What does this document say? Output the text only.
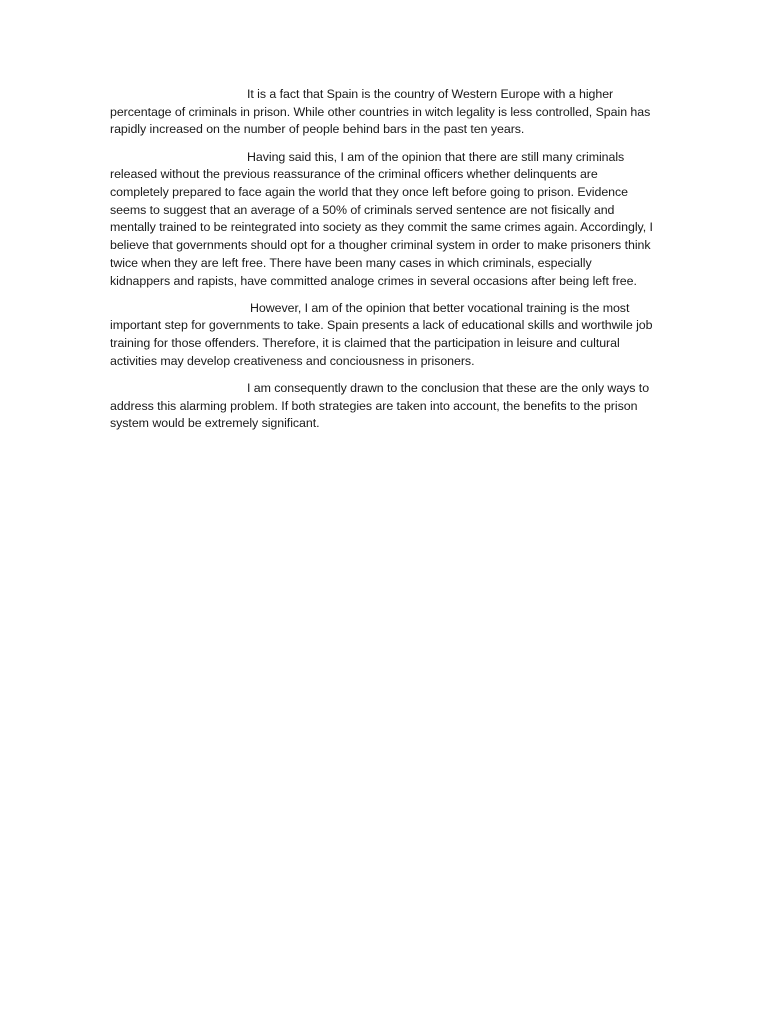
It is a fact that Spain is the country of Western Europe with a higher percentage of criminals in prison. While other countries in witch legality is less controlled, Spain has rapidly increased on the number of people behind bars in the past ten years.

Having said this, I am of the opinion that there are still many criminals released without the previous reassurance of the criminal officers whether delinquents are completely prepared to face again the world that they once left before going to prison. Evidence seems to suggest that an average of a 50% of criminals served sentence are not fisically and mentally trained to be reintegrated into society as they commit the same crimes again. Accordingly, I believe that governments should opt for a thougher criminal system in order to make prisoners think twice when they are left free. There have been many cases in which criminals, especially kidnappers and rapists, have committed analoge crimes in several occasions after being left free.

However, I am of the opinion that better vocational training is the most important step for governments to take. Spain presents a lack of educational skills and worthwile job training for those offenders. Therefore, it is claimed that the participation in leisure and cultural activities may develop creativeness and conciousness in prisoners.

I am consequently drawn to the conclusion that these are the only ways to address this alarming problem. If both strategies are taken into account, the benefits to the prison system would be extremely significant.
